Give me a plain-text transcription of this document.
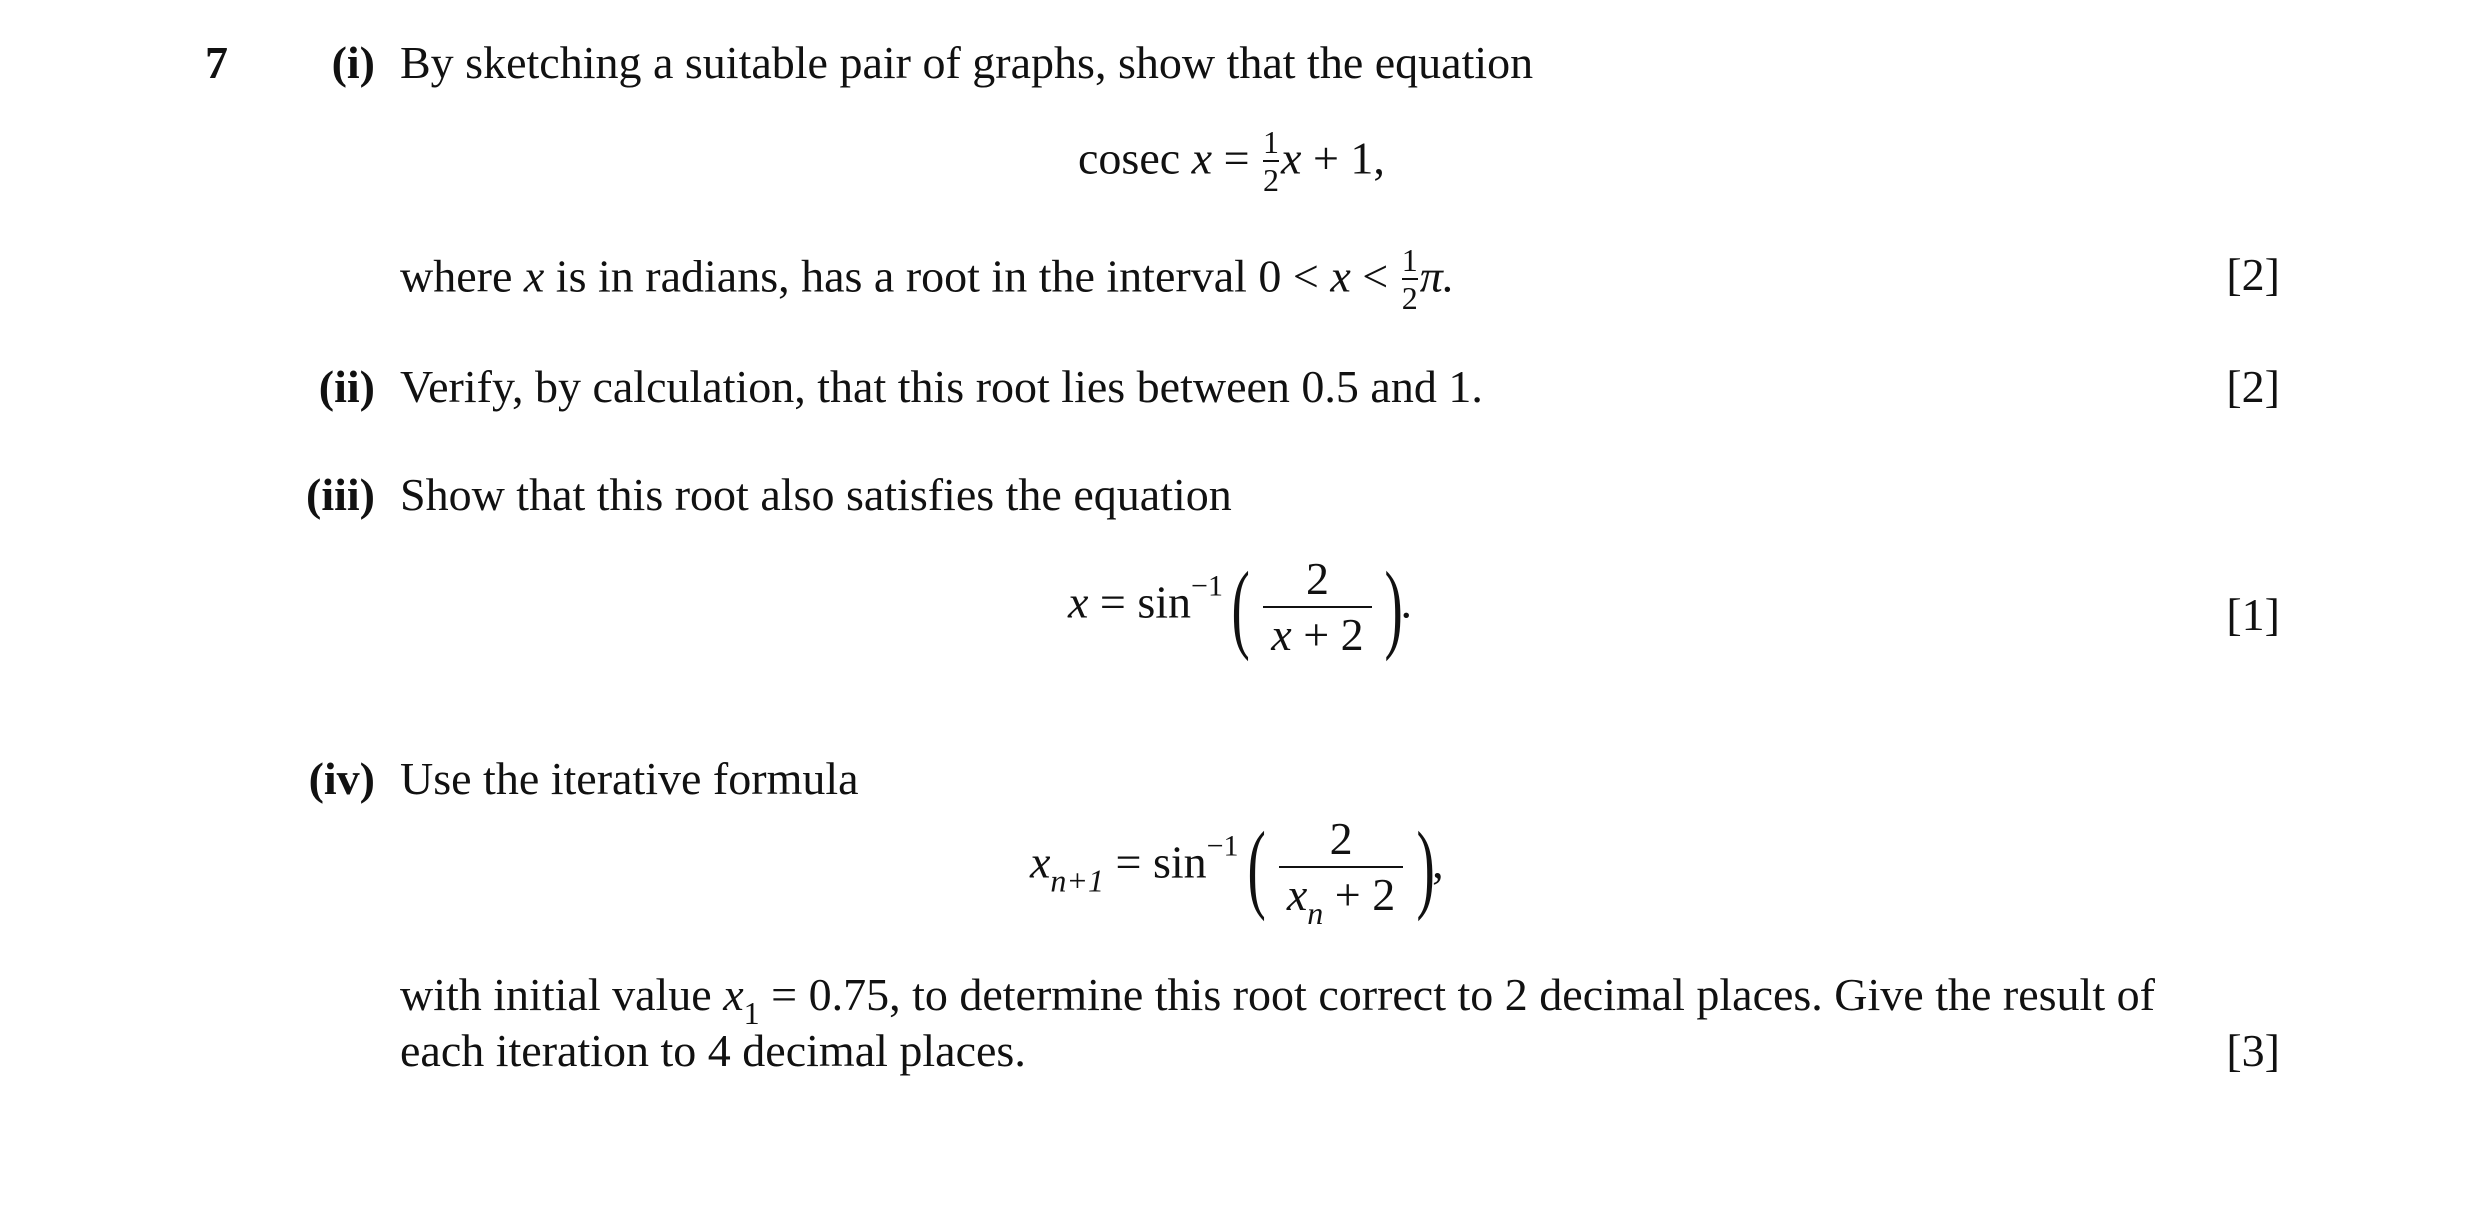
7	(i) By sketching a suitable pair of graphs, show that the equation
cosec $x = \frac{1}{2}$ x + 1,
where x is in radians, has a root in the interval $0 < x < \frac{1}{2} \pi$.	[2]
(ii) Verify, by calculation, that this root lies between 0.5 and 1.	[2]
(iii) Show that this root also satisfies the equation
$x = \sin^{-1}$ ( $\frac{2}{x + 2}$ ).	[1]
(iv) Use the iterative formula
$x_{n+1} = \sin^{-1}$ ( $\frac{2}{x_n + 2}$ ),
with initial value $x_1 = 0.75$, to determine this root correct to 2 decimal places. Give the result of
each iteration to 4 decimal places.	[3]
